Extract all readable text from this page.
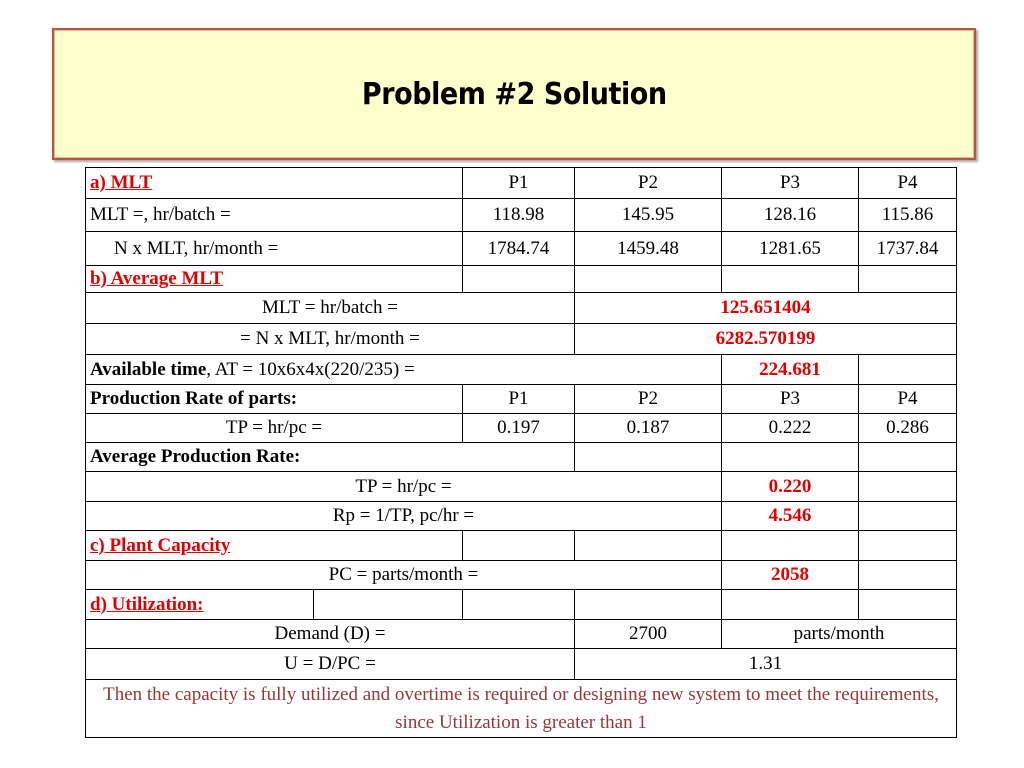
Problem #2 Solution
a) MLT	P1	P2	P3	P4
MLT =, hr/batch =	118.98	145.95	128.16	115.86
N x MLT, hr/month =	1784.74	1459.48	1281.65	1737.84
b) Average MLT
MLT = hr/batch =	125.651404
= N x MLT, hr/month =	6282.570199
Available time , AT = 10x6x4x(220/235) =	224.681
Production Rate of parts:	P1	P2	P3	P4
TP = hr/pc =	0.197	0.187	0.222	0.286
Average Production Rate:
TP = hr/pc =	0.220
Rp = 1/TP, pc/hr =	4.546
c) Plant Capacity
PC = parts/month =	2058
d) Utilization:
Demand (D) =	2700	parts/month
U = D/PC =	1.31
Then the capacity is fully utilized and overtime is required or designing new system to meet the requirements, since Utilization is greater than 1
